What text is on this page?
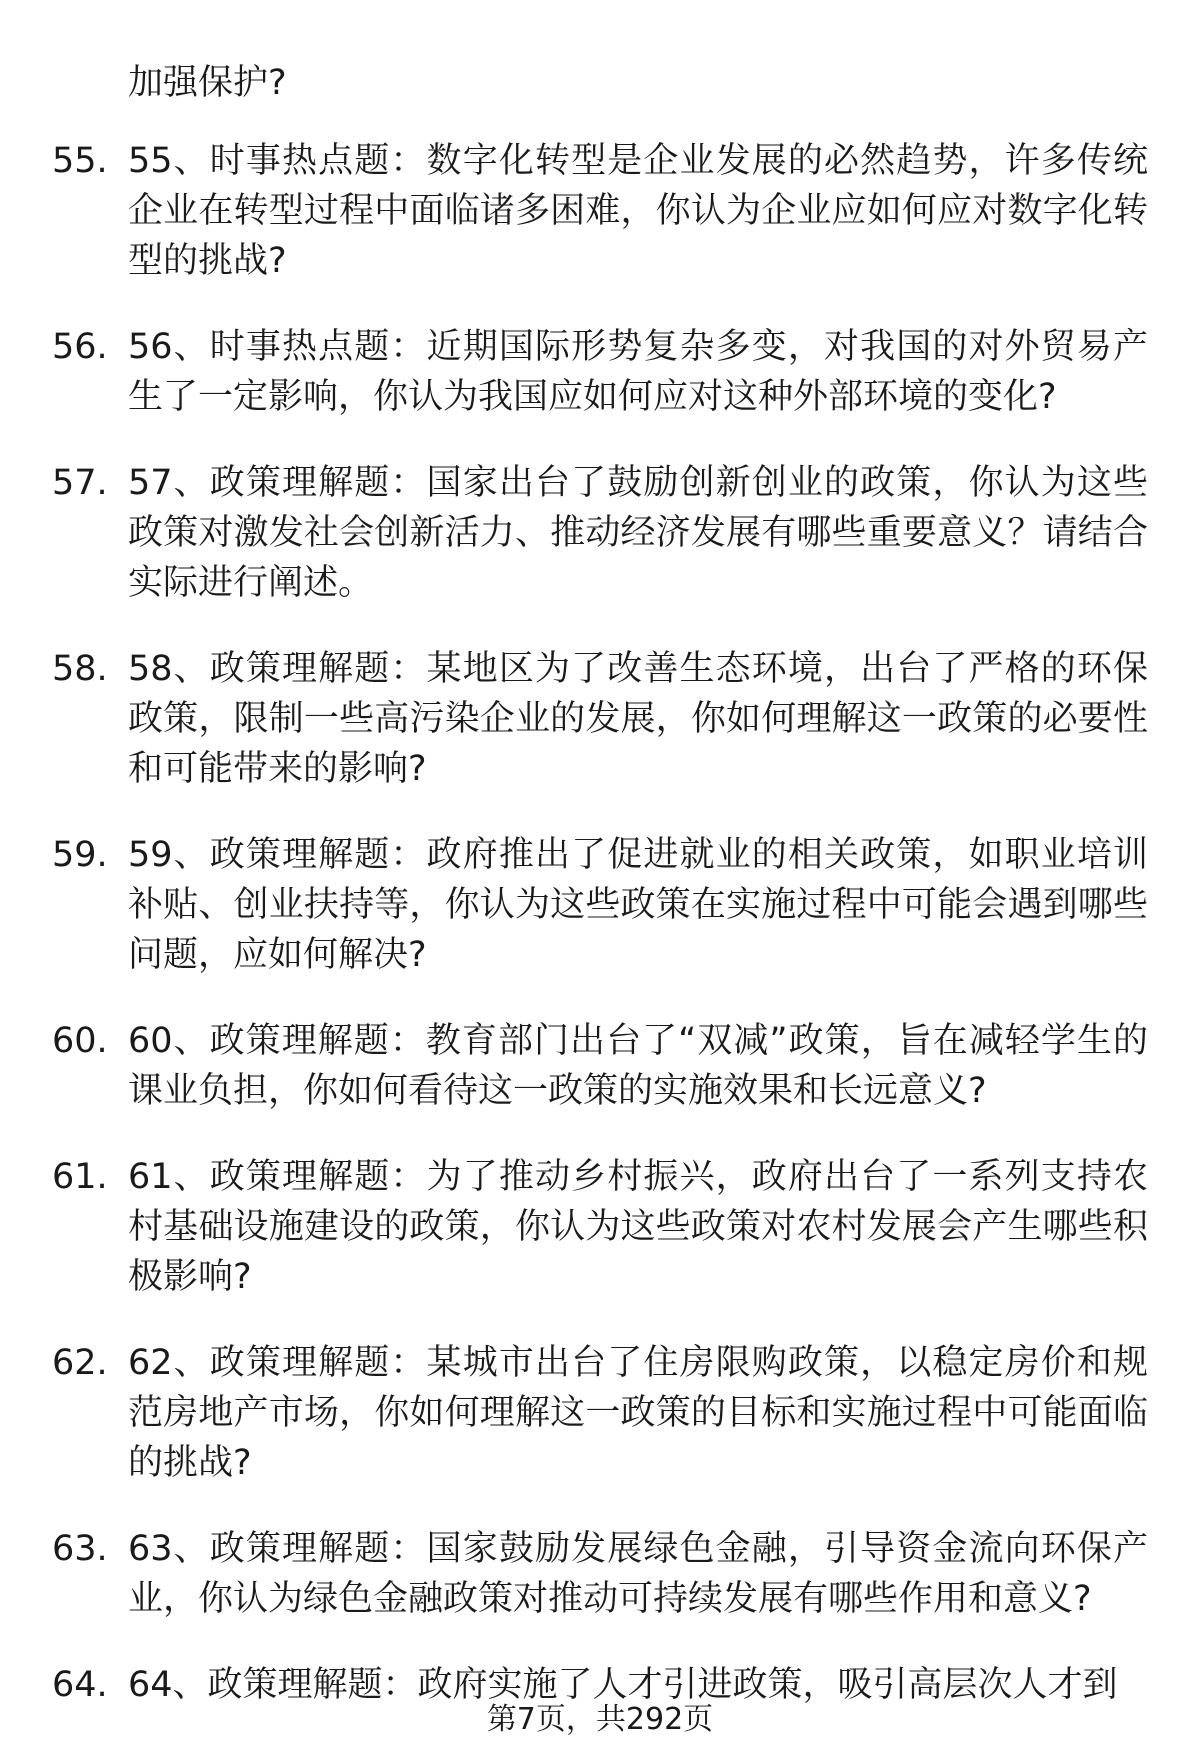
加强保护?
55. 55、时事热点题：数字化转型是企业发展的必然趋势，许多传统企业在转型过程中面临诸多困难，你认为企业应如何应对数字化转型的挑战?
56. 56、时事热点题：近期国际形势复杂多变，对我国的对外贸易产生了一定影响，你认为我国应如何应对这种外部环境的变化?
57. 57、政策理解题：国家出台了鼓励创新创业的政策，你认为这些政策对激发社会创新活力、推动经济发展有哪些重要意义？请结合实际进行阐述。
58. 58、政策理解题：某地区为了改善生态环境，出台了严格的环保政策，限制一些高污染企业的发展，你如何理解这一政策的必要性和可能带来的影响?
59. 59、政策理解题：政府推出了促进就业的相关政策，如职业培训补贴、创业扶持等，你认为这些政策在实施过程中可能会遇到哪些问题，应如何解决?
60. 60、政策理解题：教育部门出台了“双减”政策，旨在减轻学生的课业负担，你如何看待这一政策的实施效果和长远意义?
61. 61、政策理解题：为了推动乡村振兴，政府出台了一系列支持农村基础设施建设的政策，你认为这些政策对农村发展会产生哪些积极影响?
62. 62、政策理解题：某城市出台了住房限购政策，以稳定房价和规范房地产市场，你如何理解这一政策的目标和实施过程中可能面临的挑战?
63. 63、政策理解题：国家鼓励发展绿色金融，引导资金流向环保产业，你认为绿色金融政策对推动可持续发展有哪些作用和意义?
64. 64、政策理解题：政府实施了人才引进政策，吸引高层次人才到
第7页，共292页
